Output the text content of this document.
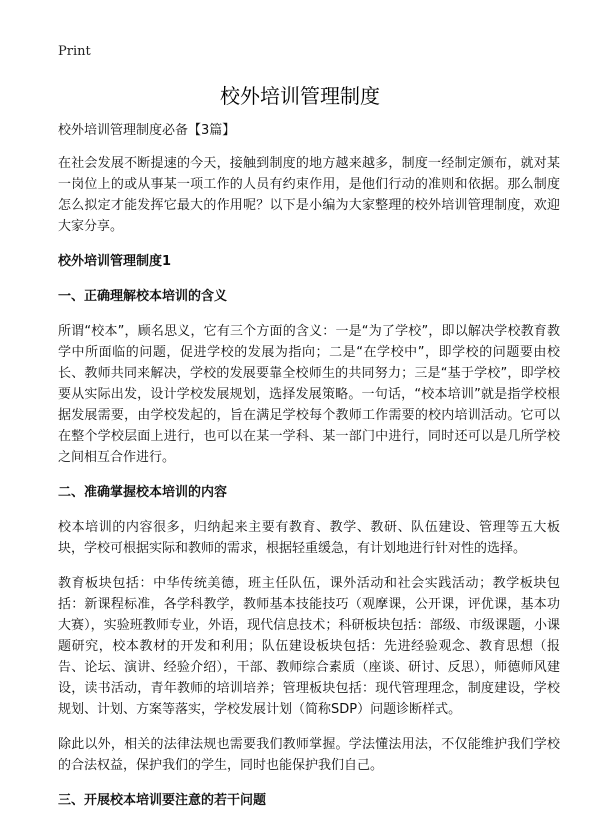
Print
校外培训管理制度
校外培训管理制度必备【3篇】

在社会发展不断提速的今天，接触到制度的地方越来越多，制度一经制定颁布，就对某一岗位上的或从事某一项工作的人员有约束作用，是他们行动的准则和依据。那么制度怎么拟定才能发挥它最大的作用呢？以下是小编为大家整理的校外培训管理制度，欢迎大家分享。

校外培训管理制度1
一、正确理解校本培训的含义

所谓“校本”，顾名思义，它有三个方面的含义：一是“为了学校”，即以解决学校教育教学中所面临的问题，促进学校的发展为指向；二是“在学校中”，即学校的问题要由校长、教师共同来解决，学校的发展要靠全校师生的共同努力；三是“基于学校”，即学校要从实际出发，设计学校发展规划，选择发展策略。一句话，“校本培训”就是指学校根据发展需要，由学校发起的，旨在满足学校每个教师工作需要的校内培训活动。它可以在整个学校层面上进行，也可以在某一学科、某一部门中进行，同时还可以是几所学校之间相互合作进行。

二、准确掌握校本培训的内容

校本培训的内容很多，归纳起来主要有教育、教学、教研、队伍建设、管理等五大板块，学校可根据实际和教师的需求，根据轻重缓急，有计划地进行针对性的选择。

教育板块包括：中华传统美德，班主任队伍，课外活动和社会实践活动；教学板块包括：新课程标准，各学科教学，教师基本技能技巧（观摩课，公开课，评优课，基本功大赛），实验班教师专业，外语，现代信息技术；科研板块包括：部级、市级课题，小课题研究，校本教材的开发和利用；队伍建设板块包括：先进经验观念、教育思想（报告、论坛、演讲、经验介绍），干部、教师综合素质（座谈、研讨、反思），师德师风建设，读书活动，青年教师的培训培养；管理板块包括：现代管理理念，制度建设，学校规划、计划、方案等落实，学校发展计划（简称SDP）问题诊断样式。

除此以外，相关的法律法规也需要我们教师掌握。学法懂法用法，不仅能维护我们学校的合法权益，保护我们的学生，同时也能保护我们自己。

三、开展校本培训要注意的若干问题
